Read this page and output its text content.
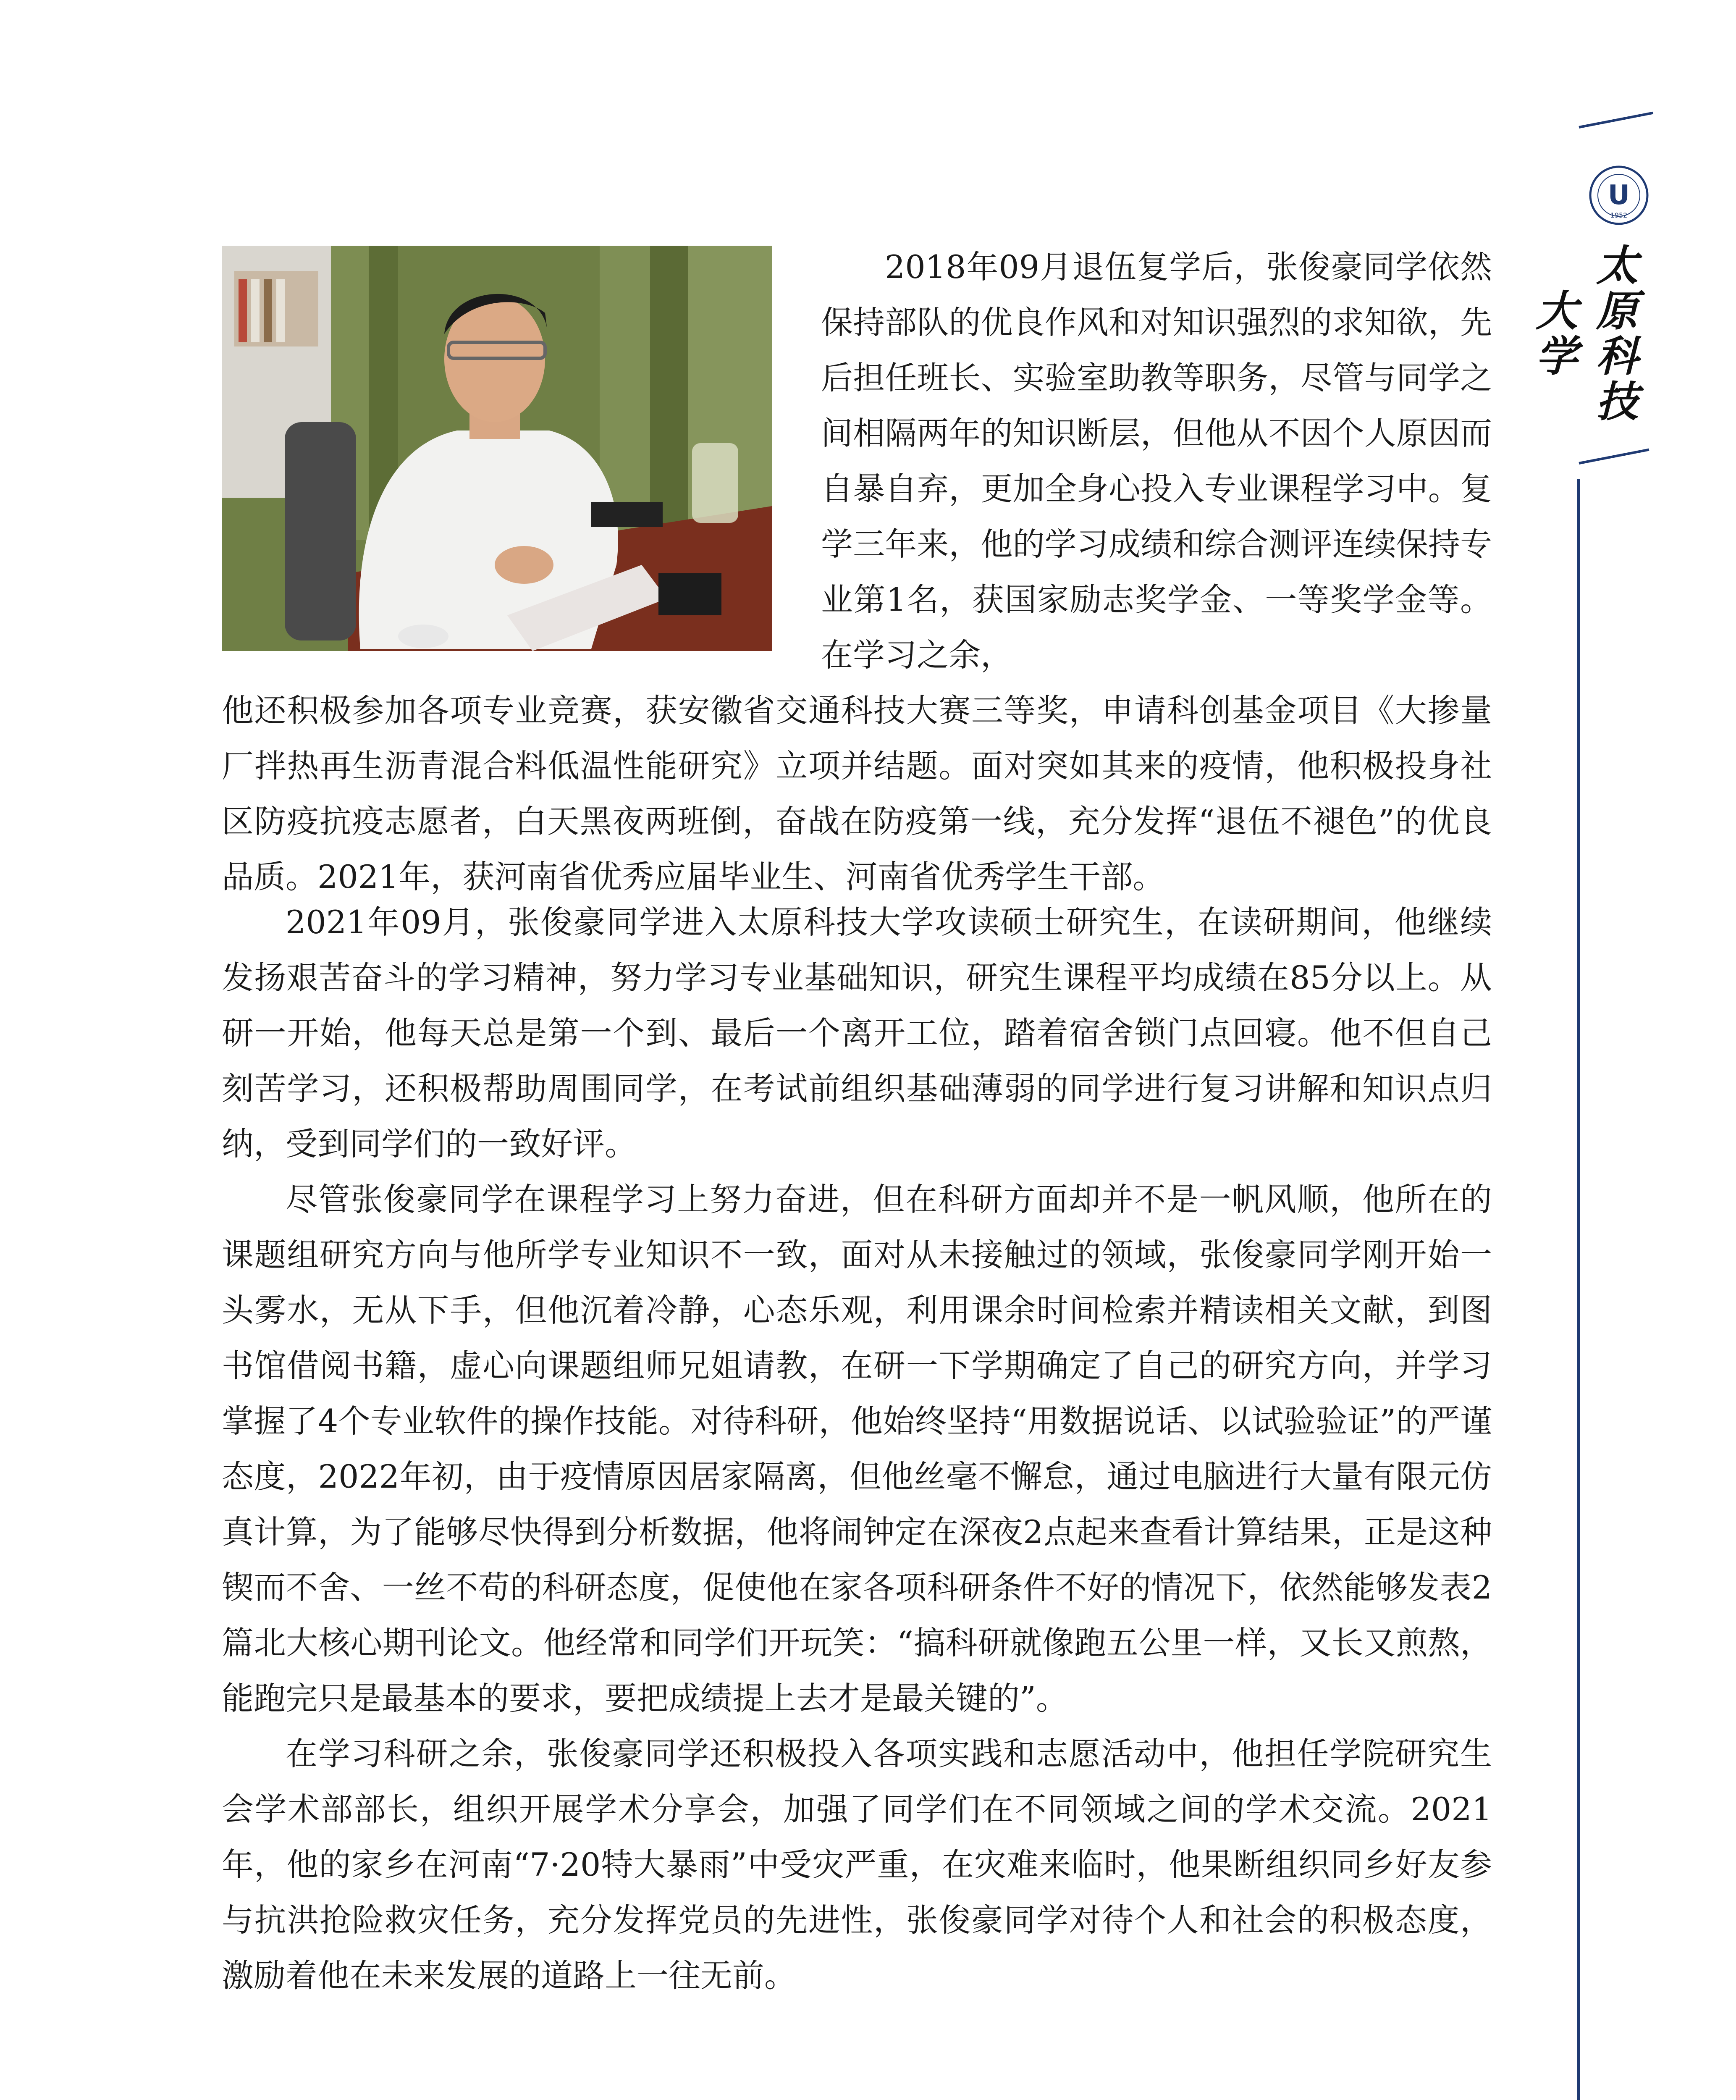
U
1952
太原科技大学
2018年09月退伍复学后，张俊豪同学依然保持部队的优良作风和对知识强烈的求知欲，先后担任班长、实验室助教等职务，尽管与同学之间相隔两年的知识断层，但他从不因个人原因而自暴自弃，更加全身心投入专业课程学习中。复学三年来，他的学习成绩和综合测评连续保持专业第1名，获国家励志奖学金、一等奖学金等。在学习之余，
他还积极参加各项专业竞赛，获安徽省交通科技大赛三等奖，申请科创基金项目《大掺量厂拌热再生沥青混合料低温性能研究》立项并结题。面对突如其来的疫情，他积极投身社区防疫抗疫志愿者，白天黑夜两班倒，奋战在防疫第一线，充分发挥“退伍不褪色”的优良品质。2021年，获河南省优秀应届毕业生、河南省优秀学生干部。

2021年09月，张俊豪同学进入太原科技大学攻读硕士研究生，在读研期间，他继续发扬艰苦奋斗的学习精神，努力学习专业基础知识，研究生课程平均成绩在85分以上。从研一开始，他每天总是第一个到、最后一个离开工位，踏着宿舍锁门点回寝。他不但自己刻苦学习，还积极帮助周围同学，在考试前组织基础薄弱的同学进行复习讲解和知识点归纳，受到同学们的一致好评。

尽管张俊豪同学在课程学习上努力奋进，但在科研方面却并不是一帆风顺，他所在的课题组研究方向与他所学专业知识不一致，面对从未接触过的领域，张俊豪同学刚开始一头雾水，无从下手，但他沉着冷静，心态乐观，利用课余时间检索并精读相关文献，到图书馆借阅书籍，虚心向课题组师兄姐请教，在研一下学期确定了自己的研究方向，并学习掌握了4个专业软件的操作技能。对待科研，他始终坚持“用数据说话、以试验验证”的严谨态度，2022年初，由于疫情原因居家隔离，但他丝毫不懈怠，通过电脑进行大量有限元仿真计算，为了能够尽快得到分析数据，他将闹钟定在深夜2点起来查看计算结果，正是这种锲而不舍、一丝不苟的科研态度，促使他在家各项科研条件不好的情况下，依然能够发表2篇北大核心期刊论文。他经常和同学们开玩笑：“搞科研就像跑五公里一样，又长又煎熬，能跑完只是最基本的要求，要把成绩提上去才是最关键的”。

在学习科研之余，张俊豪同学还积极投入各项实践和志愿活动中，他担任学院研究生会学术部部长，组织开展学术分享会，加强了同学们在不同领域之间的学术交流。2021年，他的家乡在河南“7·20特大暴雨”中受灾严重，在灾难来临时，他果断组织同乡好友参与抗洪抢险救灾任务，充分发挥党员的先进性，张俊豪同学对待个人和社会的积极态度，激励着他在未来发展的道路上一往无前。
